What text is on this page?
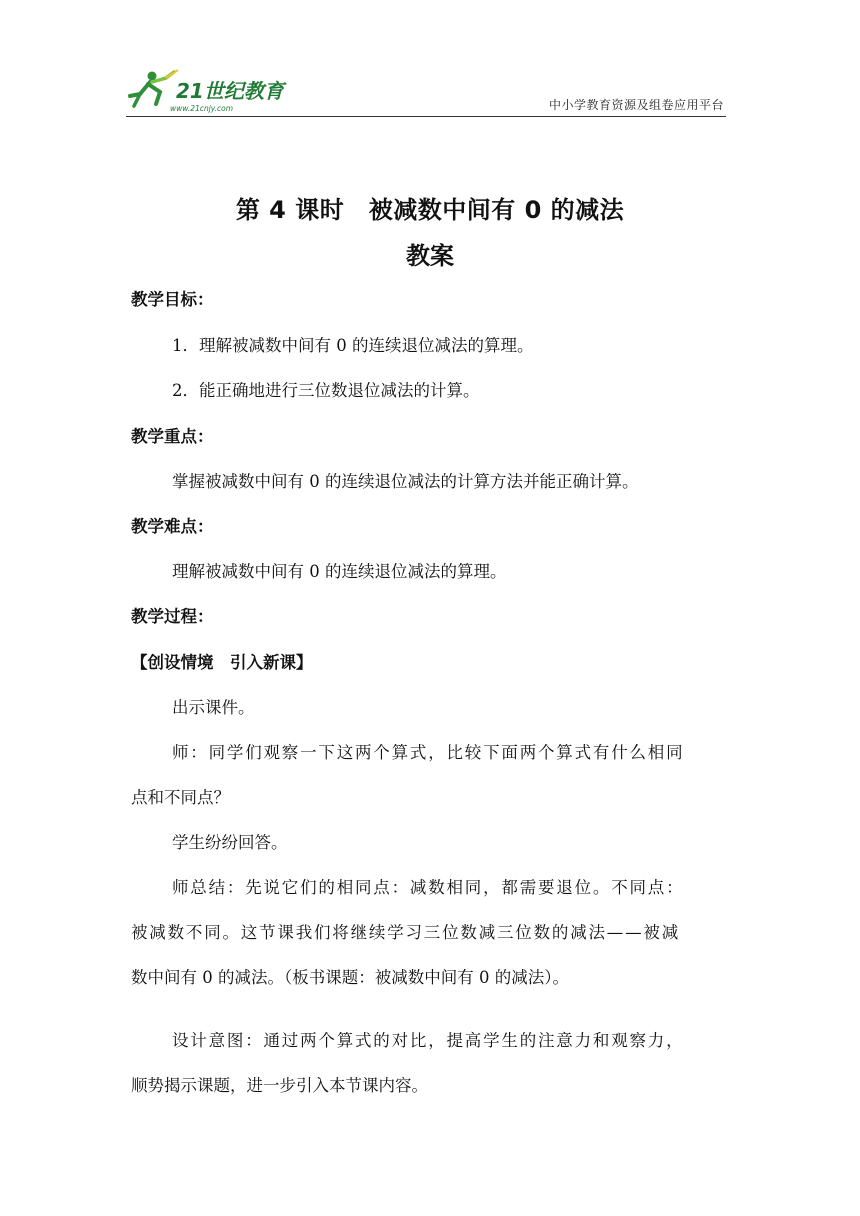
21世纪教育
www.21cnjy.com	中小学教育资源及组卷应用平台
第 4 课时　被减数中间有 0 的减法
教案
教学目标：
1．理解被减数中间有 0 的连续退位减法的算理。
2．能正确地进行三位数退位减法的计算。
教学重点：
掌握被减数中间有 0 的连续退位减法的计算方法并能正确计算。
教学难点：
理解被减数中间有 0 的连续退位减法的算理。
教学过程：
【创设情境　引入新课】
出示课件。
师：同学们观察一下这两个算式，比较下面两个算式有什么相同
点和不同点？
学生纷纷回答。
师总结：先说它们的相同点：减数相同，都需要退位。不同点：
被减数不同。这节课我们将继续学习三位数减三位数的减法——被减
数中间有 0 的减法。（板书课题：被减数中间有 0 的减法）。
设计意图：通过两个算式的对比，提高学生的注意力和观察力，
顺势揭示课题，进一步引入本节课内容。
